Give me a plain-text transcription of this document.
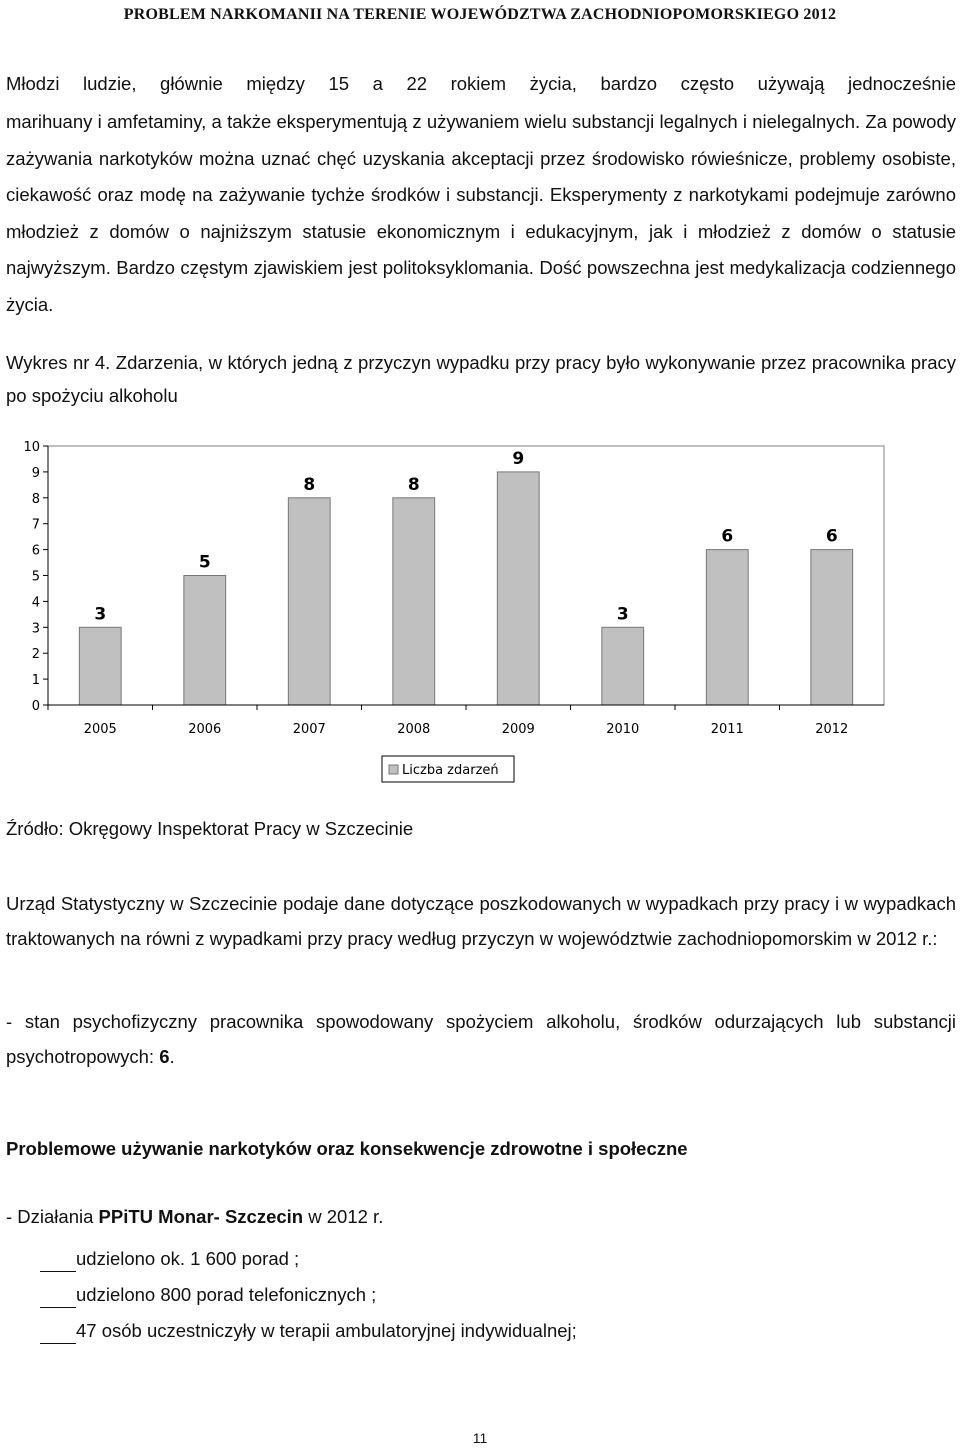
PROBLEM NARKOMANII NA TERENIE WOJEWÓDZTWA ZACHODNIOPOMORSKIEGO 2012

Młodzi ludzie, głównie między 15 a 22 rokiem życia, bardzo często używają jednocześnie

marihuany i amfetaminy, a także eksperymentują z używaniem wielu substancji legalnych i nielegalnych. Za powody zażywania narkotyków można uznać chęć uzyskania akceptacji przez środowisko rówieśnicze, problemy osobiste, ciekawość oraz modę na zażywanie tychże środków i substancji. Eksperymenty z narkotykami podejmuje zarówno młodzież z domów o najniższym statusie ekonomicznym i edukacyjnym, jak i młodzież z domów o statusie najwyższym. Bardzo częstym zjawiskiem jest politoksyklomania. Dość powszechna jest medykalizacja codziennego życia.

Wykres nr 4. Zdarzenia, w których jedną z przyczyn wypadku przy pracy było wykonywanie przez pracownika pracy po spożyciu alkoholu

0
1
2
3
4
5
6
7
8
9
10
3
2005
5
2006
8
2007
8
2008
9
2009
3
2010
6
2011
6
2012
Liczba zdarzeń
Źródło: Okręgowy Inspektorat Pracy w Szczecinie

Urząd Statystyczny w Szczecinie podaje dane dotyczące poszkodowanych w wypadkach przy pracy i w wypadkach traktowanych na równi z wypadkami przy pracy według przyczyn w województwie zachodniopomorskim w 2012 r.:

- stan psychofizyczny pracownika spowodowany spożyciem alkoholu, środków odurzających lub substancji psychotropowych: 6.

Problemowe używanie narkotyków oraz konsekwencje zdrowotne i społeczne
- Działania PPiTU Monar- Szczecin w 2012 r.
udzielono ok. 1 600 porad ;
udzielono 800 porad telefonicznych ;
47 osób uczestniczyły w terapii ambulatoryjnej indywidualnej;
11
